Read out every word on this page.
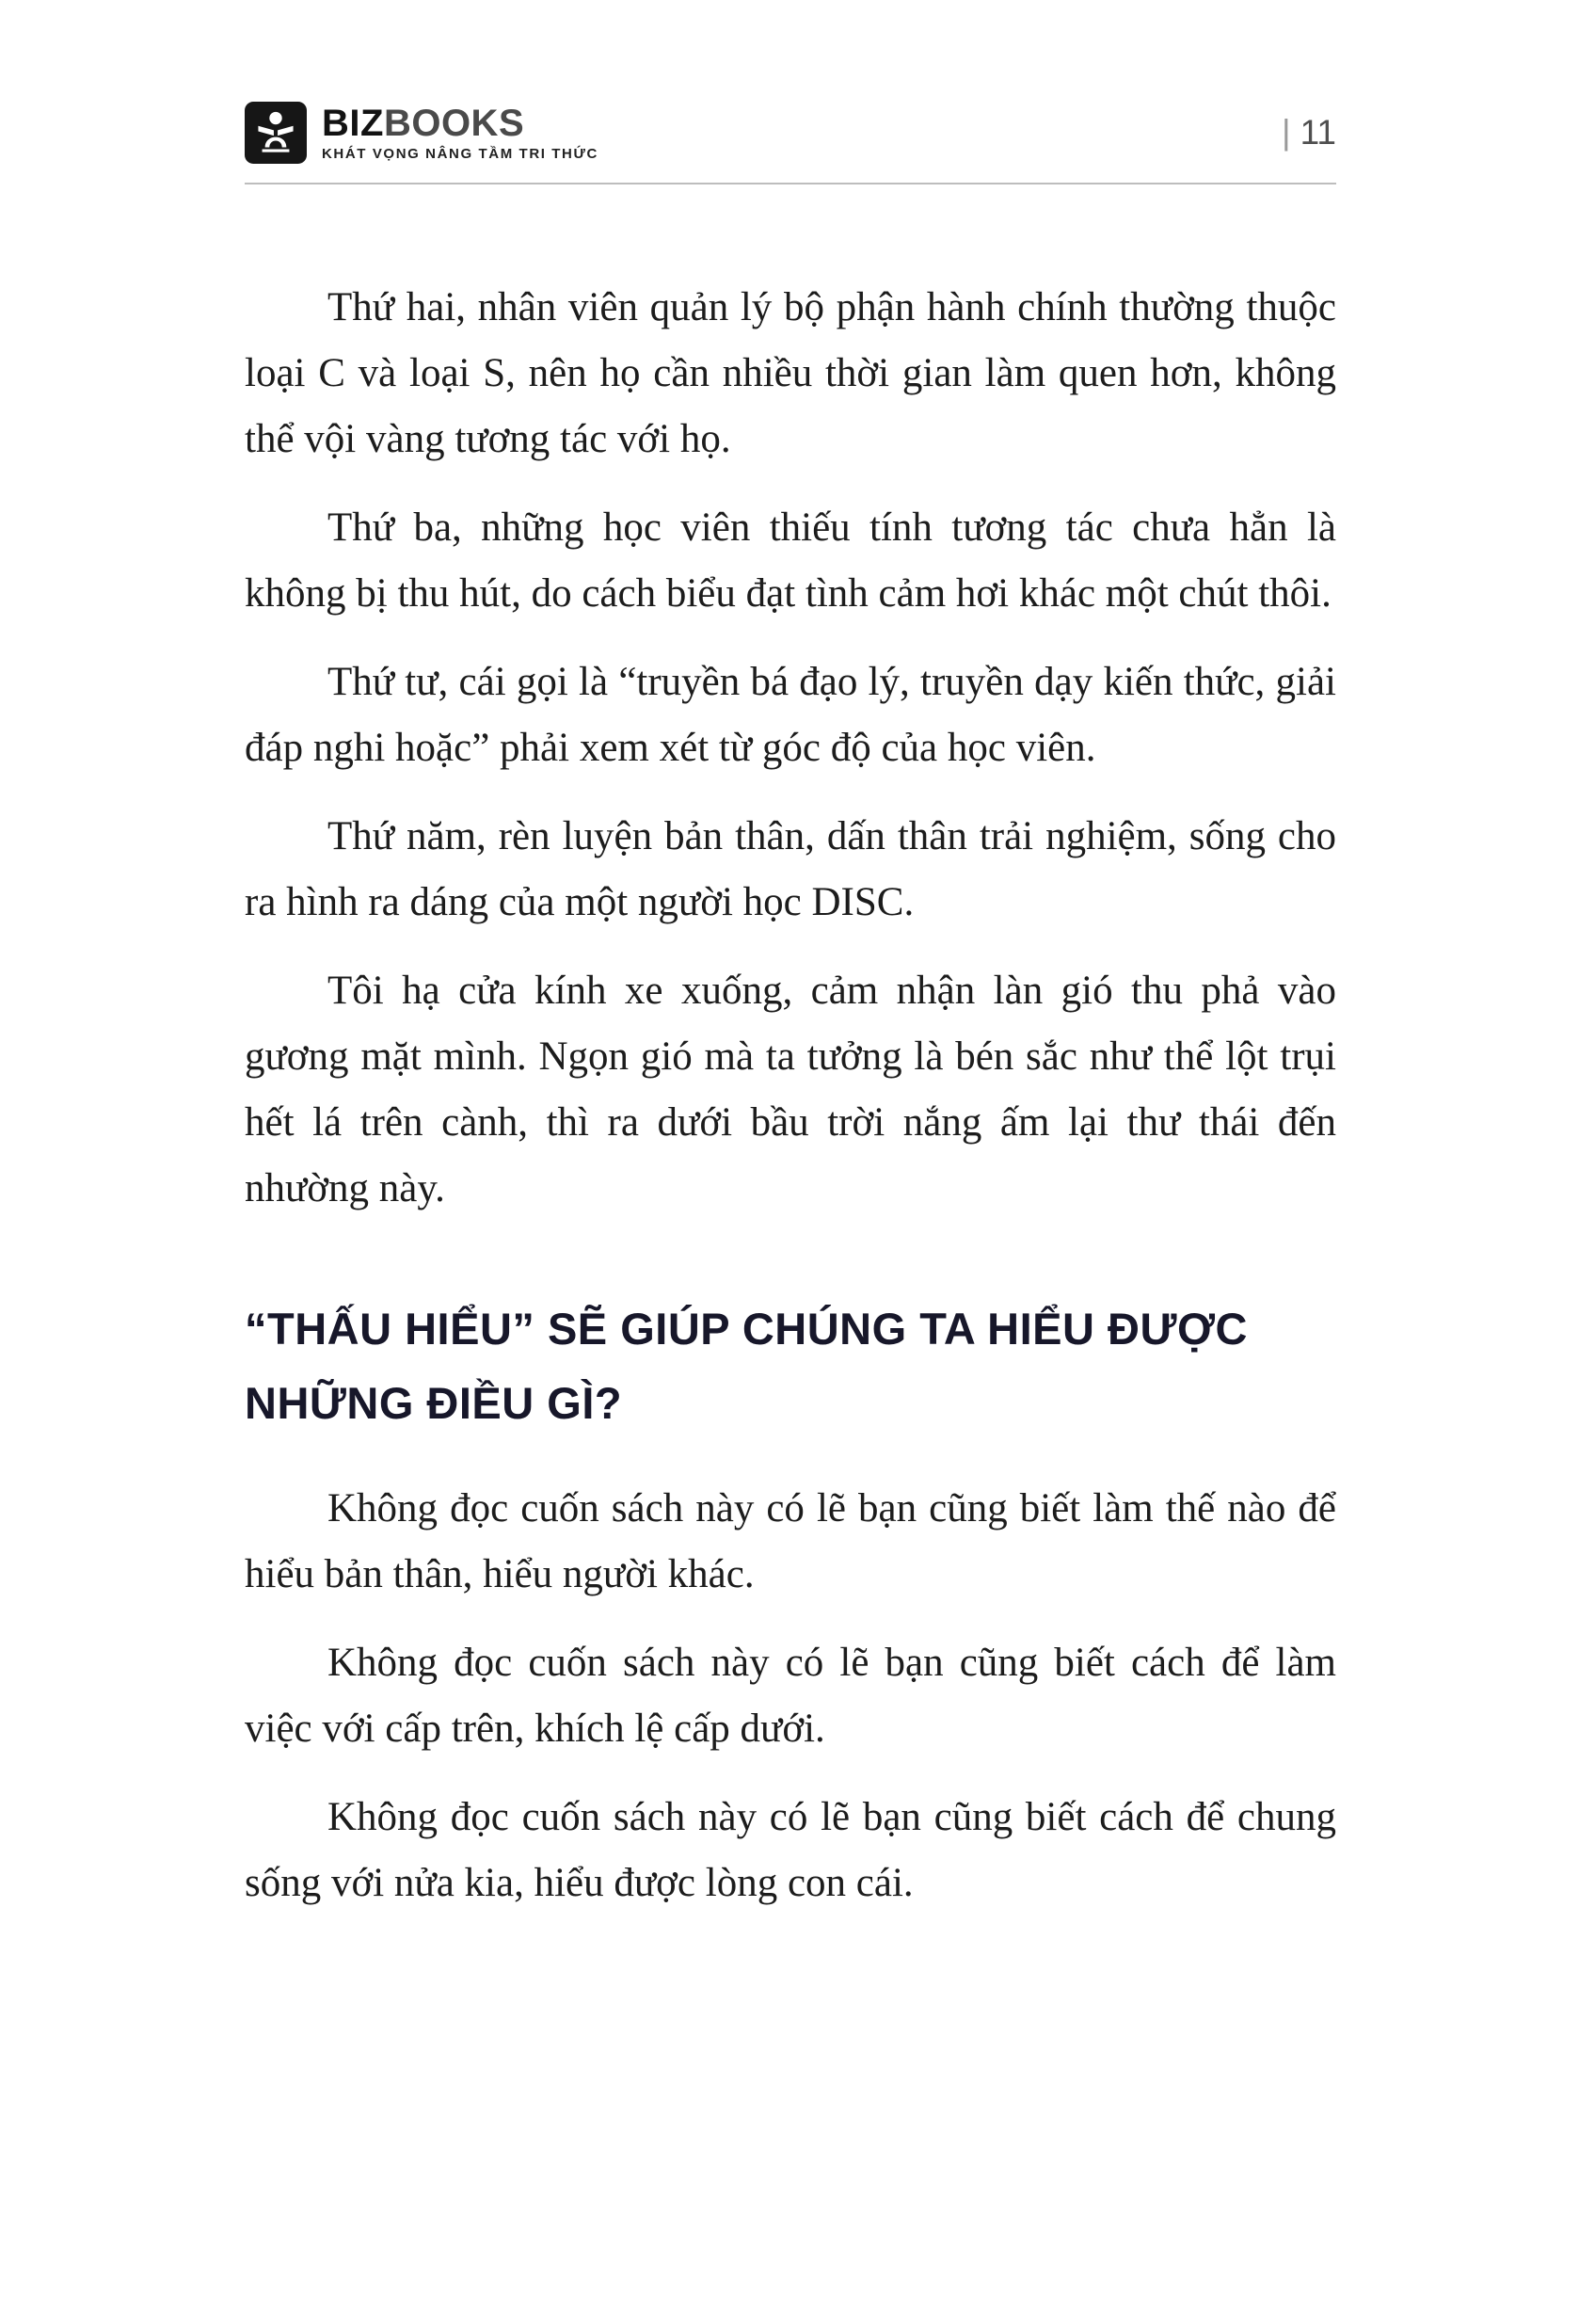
BIZBOOKS
KHÁT VỌNG NÂNG TẦM TRI THỨC
| 11

Thứ hai, nhân viên quản lý bộ phận hành chính thường thuộc loại C và loại S, nên họ cần nhiều thời gian làm quen hơn, không thể vội vàng tương tác với họ.

Thứ ba, những học viên thiếu tính tương tác chưa hẳn là không bị thu hút, do cách biểu đạt tình cảm hơi khác một chút thôi.

Thứ tư, cái gọi là “truyền bá đạo lý, truyền dạy kiến thức, giải đáp nghi hoặc” phải xem xét từ góc độ của học viên.

Thứ năm, rèn luyện bản thân, dấn thân trải nghiệm, sống cho ra hình ra dáng của một người học DISC.

Tôi hạ cửa kính xe xuống, cảm nhận làn gió thu phả vào gương mặt mình. Ngọn gió mà ta tưởng là bén sắc như thể lột trụi hết lá trên cành, thì ra dưới bầu trời nắng ấm lại thư thái đến nhường này.

“THẤU HIỂU” SẼ GIÚP CHÚNG TA HIỂU ĐƯỢC NHỮNG ĐIỀU GÌ?

Không đọc cuốn sách này có lẽ bạn cũng biết làm thế nào để hiểu bản thân, hiểu người khác.

Không đọc cuốn sách này có lẽ bạn cũng biết cách để làm việc với cấp trên, khích lệ cấp dưới.

Không đọc cuốn sách này có lẽ bạn cũng biết cách để chung sống với nửa kia, hiểu được lòng con cái.
